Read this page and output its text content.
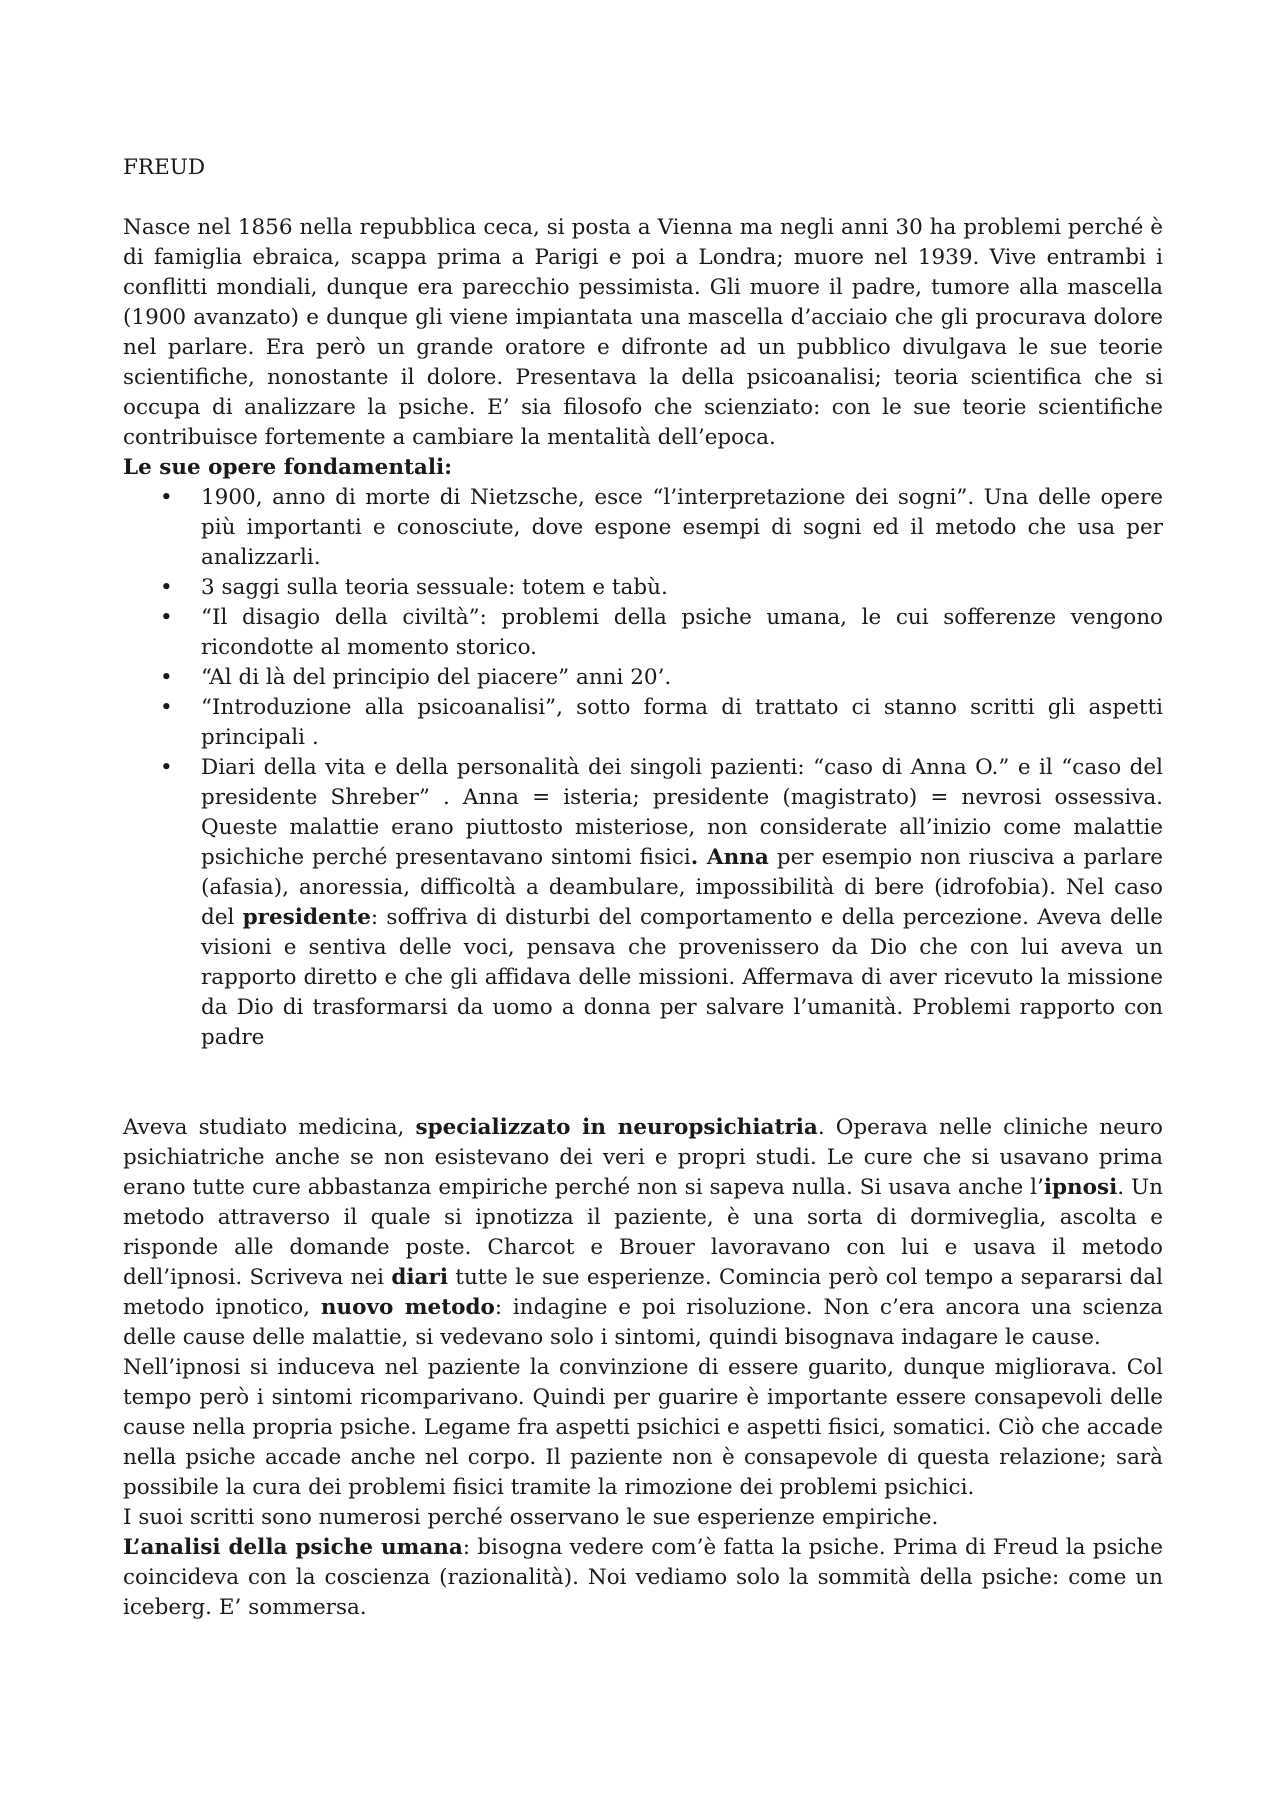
FREUD

Nasce nel 1856 nella repubblica ceca, si posta a Vienna ma negli anni 30 ha problemi perché è di famiglia ebraica, scappa prima a Parigi e poi a Londra; muore nel 1939. Vive entrambi i conflitti mondiali, dunque era parecchio pessimista. Gli muore il padre, tumore alla mascella (1900 avanzato) e dunque gli viene impiantata una mascella d’acciaio che gli procurava dolore nel parlare. Era però un grande oratore e difronte ad un pubblico divulgava le sue teorie scientifiche, nonostante il dolore. Presentava la della psicoanalisi; teoria scientifica che si occupa di analizzare la psiche. E’ sia filosofo che scienziato: con le sue teorie scientifiche contribuisce fortemente a cambiare la mentalità dell’epoca.

Le sue opere fondamentali:
• 1900, anno di morte di Nietzsche, esce “l’interpretazione dei sogni”. Una delle opere più importanti e conosciute, dove espone esempi di sogni ed il metodo che usa per analizzarli.
• 3 saggi sulla teoria sessuale: totem e tabù.
• “Il disagio della civiltà”: problemi della psiche umana, le cui sofferenze vengono ricondotte al momento storico.
• “Al di là del principio del piacere” anni 20’.
• “Introduzione alla psicoanalisi”, sotto forma di trattato ci stanno scritti gli aspetti principali .
• Diari della vita e della personalità dei singoli pazienti: “caso di Anna O.” e il “caso del presidente Shreber” . Anna = isteria; presidente (magistrato) = nevrosi ossessiva. Queste malattie erano piuttosto misteriose, non considerate all’inizio come malattie psichiche perché presentavano sintomi fisici. Anna per esempio non riusciva a parlare (afasia), anoressia, difficoltà a deambulare, impossibilità di bere (idrofobia). Nel caso del presidente: soffriva di disturbi del comportamento e della percezione. Aveva delle visioni e sentiva delle voci, pensava che provenissero da Dio che con lui aveva un rapporto diretto e che gli affidava delle missioni. Affermava di aver ricevuto la missione da Dio di trasformarsi da uomo a donna per salvare l’umanità. Problemi rapporto con padre

Aveva studiato medicina, specializzato in neuropsichiatria. Operava nelle cliniche neuro psichiatriche anche se non esistevano dei veri e propri studi. Le cure che si usavano prima erano tutte cure abbastanza empiriche perché non si sapeva nulla. Si usava anche l’ipnosi. Un metodo attraverso il quale si ipnotizza il paziente, è una sorta di dormiveglia, ascolta e risponde alle domande poste. Charcot e Brouer lavoravano con lui e usava il metodo dell’ipnosi. Scriveva nei diari tutte le sue esperienze. Comincia però col tempo a separarsi dal metodo ipnotico, nuovo metodo: indagine e poi risoluzione. Non c’era ancora una scienza delle cause delle malattie, si vedevano solo i sintomi, quindi bisognava indagare le cause.

Nell’ipnosi si induceva nel paziente la convinzione di essere guarito, dunque migliorava. Col tempo però i sintomi ricomparivano. Quindi per guarire è importante essere consapevoli delle cause nella propria psiche. Legame fra aspetti psichici e aspetti fisici, somatici. Ciò che accade nella psiche accade anche nel corpo. Il paziente non è consapevole di questa relazione; sarà possibile la cura dei problemi fisici tramite la rimozione dei problemi psichici.

I suoi scritti sono numerosi perché osservano le sue esperienze empiriche.

L’analisi della psiche umana: bisogna vedere com’è fatta la psiche. Prima di Freud la psiche coincideva con la coscienza (razionalità). Noi vediamo solo la sommità della psiche: come un iceberg. E’ sommersa.
